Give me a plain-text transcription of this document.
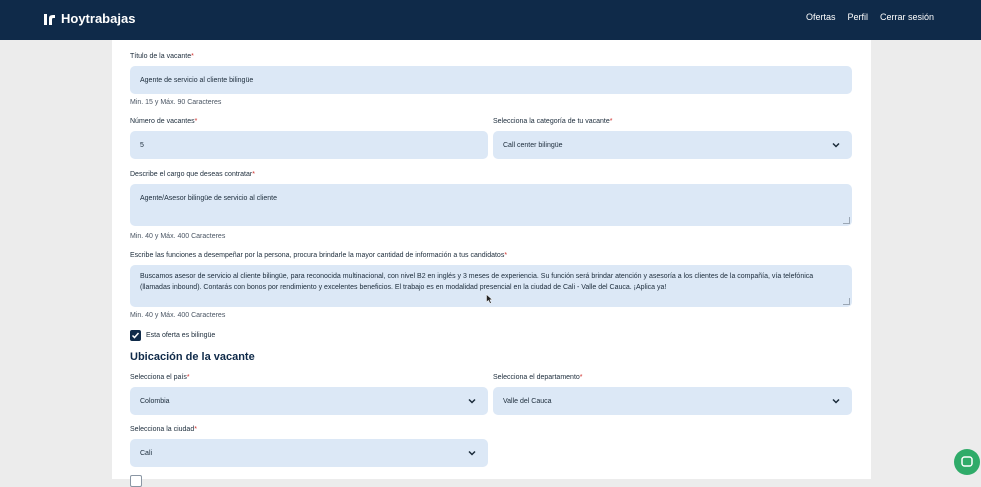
Hoytrabajas	Ofertas Perfil Cerrar sesión
Título de la vacante*
Agente de servicio al cliente bilingüe
Min. 15 y Máx. 90 Caracteres
Número de vacantes*
5
Selecciona la categoría de tu vacante*
Call center bilingüe
Describe el cargo que deseas contratar*
Agente/Asesor bilingüe de servicio al cliente
Min. 40 y Máx. 400 Caracteres
Escribe las funciones a desempeñar por la persona, procura brindarle la mayor cantidad de información a tus candidatos*
Buscamos asesor de servicio al cliente bilingüe, para reconocida multinacional, con nivel B2 en inglés y 3 meses de experiencia. Su función será brindar atención y asesoría a los clientes de la compañía, vía telefónica (llamadas inbound). Contarás con bonos por rendimiento y excelentes beneficios. El trabajo es en modalidad presencial en la ciudad de Cali - Valle del Cauca. ¡Aplica ya!
Min. 40 y Máx. 400 Caracteres
Esta oferta es bilingüe
Ubicación de la vacante
Selecciona el país*
Colombia
Selecciona el departamento*
Valle del Cauca
Selecciona la ciudad*
Cali
